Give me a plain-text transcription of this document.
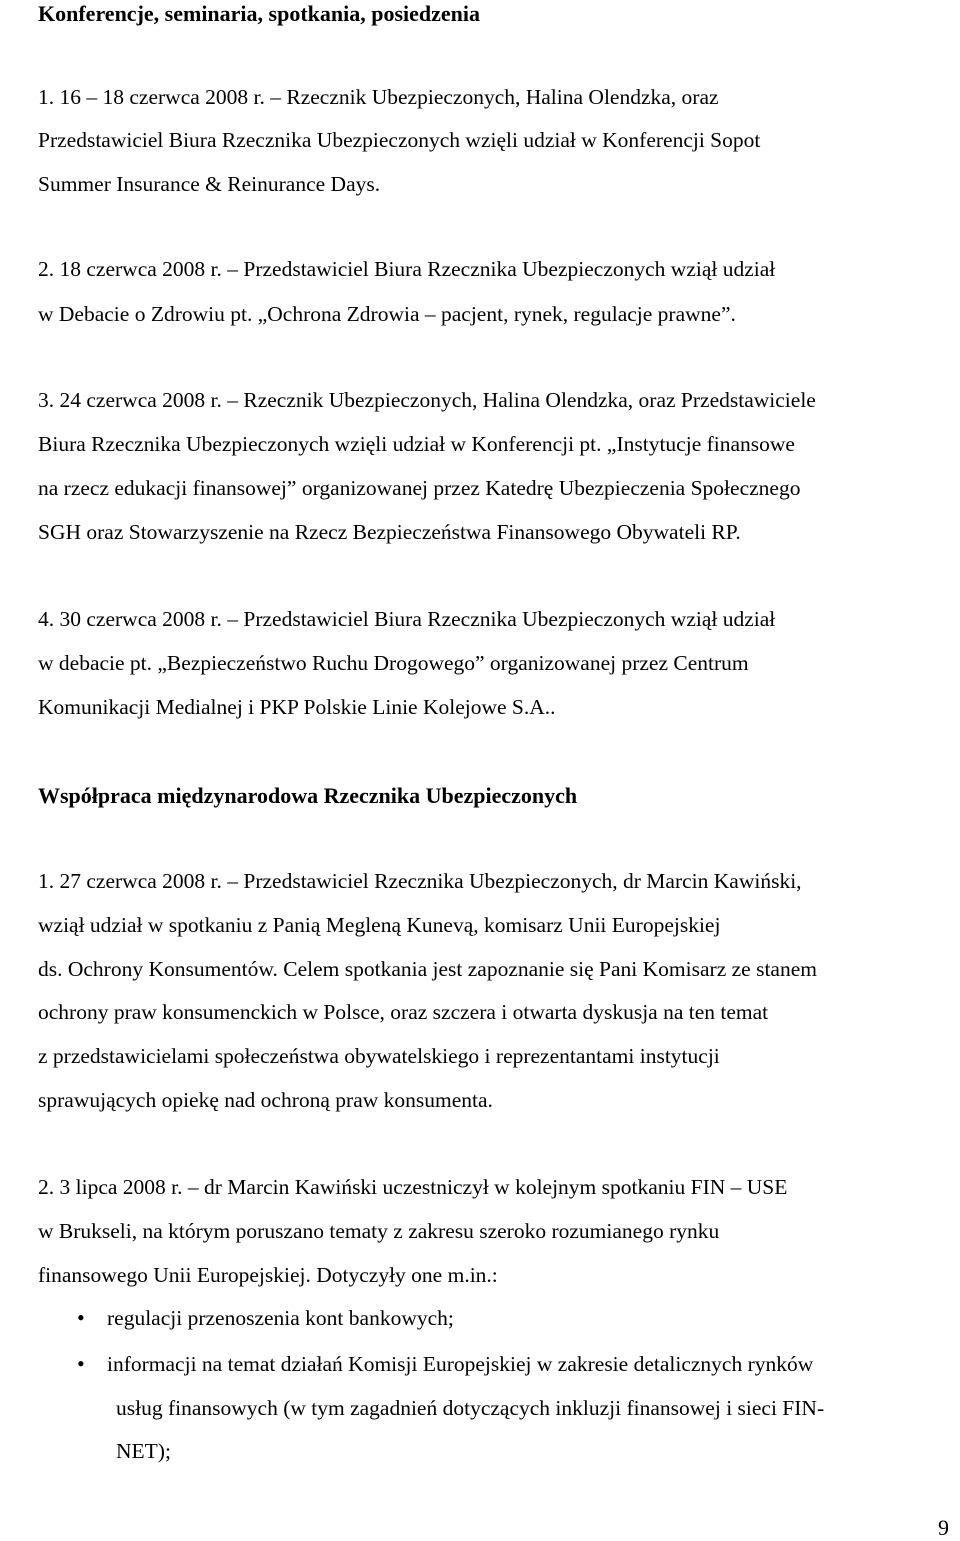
Konferencje, seminaria, spotkania, posiedzenia

1. 16 – 18 czerwca 2008 r. – Rzecznik Ubezpieczonych, Halina Olendzka, oraz

Przedstawiciel Biura Rzecznika Ubezpieczonych wzięli udział w Konferencji Sopot

Summer Insurance & Reinurance Days.

2. 18 czerwca 2008 r. – Przedstawiciel Biura Rzecznika Ubezpieczonych wziął udział

w Debacie o Zdrowiu pt. „Ochrona Zdrowia – pacjent, rynek, regulacje prawne”.

3. 24 czerwca 2008 r. – Rzecznik Ubezpieczonych, Halina Olendzka, oraz Przedstawiciele

Biura Rzecznika Ubezpieczonych wzięli udział w Konferencji pt. „Instytucje finansowe

na rzecz edukacji finansowej” organizowanej przez Katedrę Ubezpieczenia Społecznego

SGH oraz Stowarzyszenie na Rzecz Bezpieczeństwa Finansowego Obywateli RP.

4. 30 czerwca 2008 r. – Przedstawiciel Biura Rzecznika Ubezpieczonych wziął udział

w debacie pt. „Bezpieczeństwo Ruchu Drogowego” organizowanej przez Centrum

Komunikacji Medialnej i PKP Polskie Linie Kolejowe S.A..

Współpraca międzynarodowa Rzecznika Ubezpieczonych

1. 27 czerwca 2008 r. – Przedstawiciel Rzecznika Ubezpieczonych, dr Marcin Kawiński,

wziął udział w spotkaniu z Panią Megleną Kunevą, komisarz Unii Europejskiej

ds. Ochrony Konsumentów. Celem spotkania jest zapoznanie się Pani Komisarz ze stanem

ochrony praw konsumenckich w Polsce, oraz szczera i otwarta dyskusja na ten temat

z przedstawicielami społeczeństwa obywatelskiego i reprezentantami instytucji

sprawujących opiekę nad ochroną praw konsumenta.

2. 3 lipca 2008 r. – dr Marcin Kawiński uczestniczył w kolejnym spotkaniu FIN – USE

w Brukseli, na którym poruszano tematy z zakresu szeroko rozumianego rynku

finansowego Unii Europejskiej. Dotyczyły one m.in.:

• regulacji przenoszenia kont bankowych;

• informacji na temat działań Komisji Europejskiej w zakresie detalicznych rynków

usług finansowych (w tym zagadnień dotyczących inkluzji finansowej i sieci FIN-

NET);

9
